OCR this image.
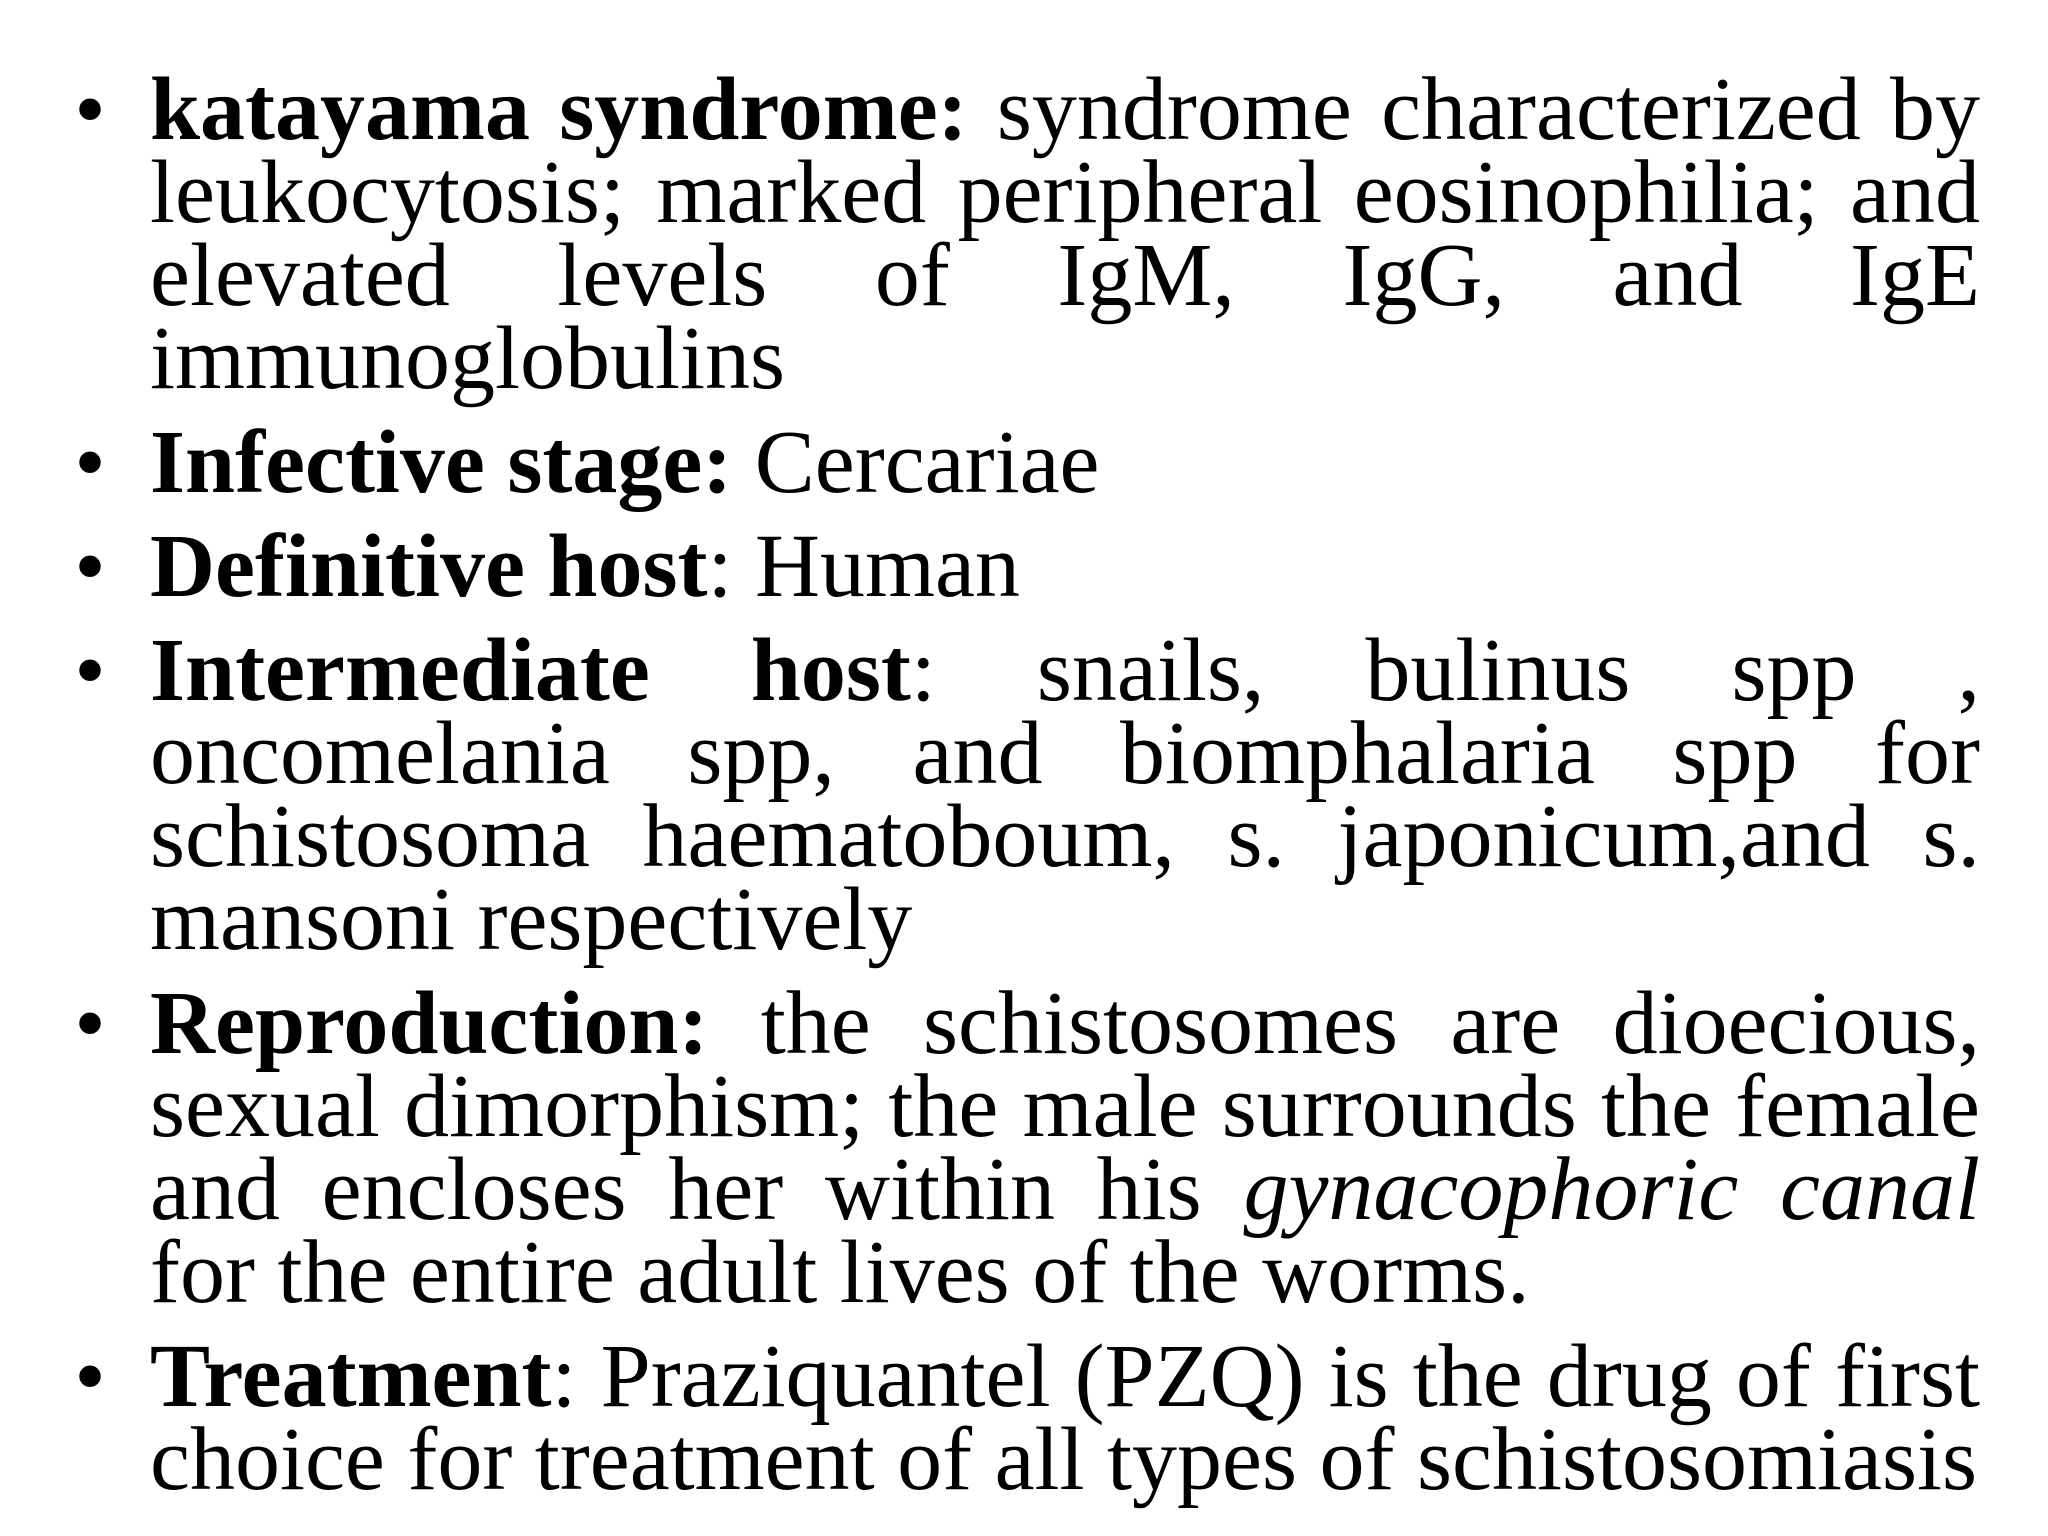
• katayama syndrome: syndrome characterized by leukocytosis; marked peripheral eosinophilia; and elevated levels of IgM, IgG, and IgE immunoglobulins
• Infective stage: Cercariae
• Definitive host: Human
• Intermediate host: snails, bulinus spp , oncomelania spp, and biomphalaria spp for schistosoma haematoboum, s. japonicum,and s. mansoni respectively
• Reproduction: the schistosomes are dioecious, sexual dimorphism; the male surrounds the female and encloses her within his gynacophoric canal for the entire adult lives of the worms.
• Treatment: Praziquantel (PZQ) is the drug of first choice for treatment of all types of schistosomiasis
